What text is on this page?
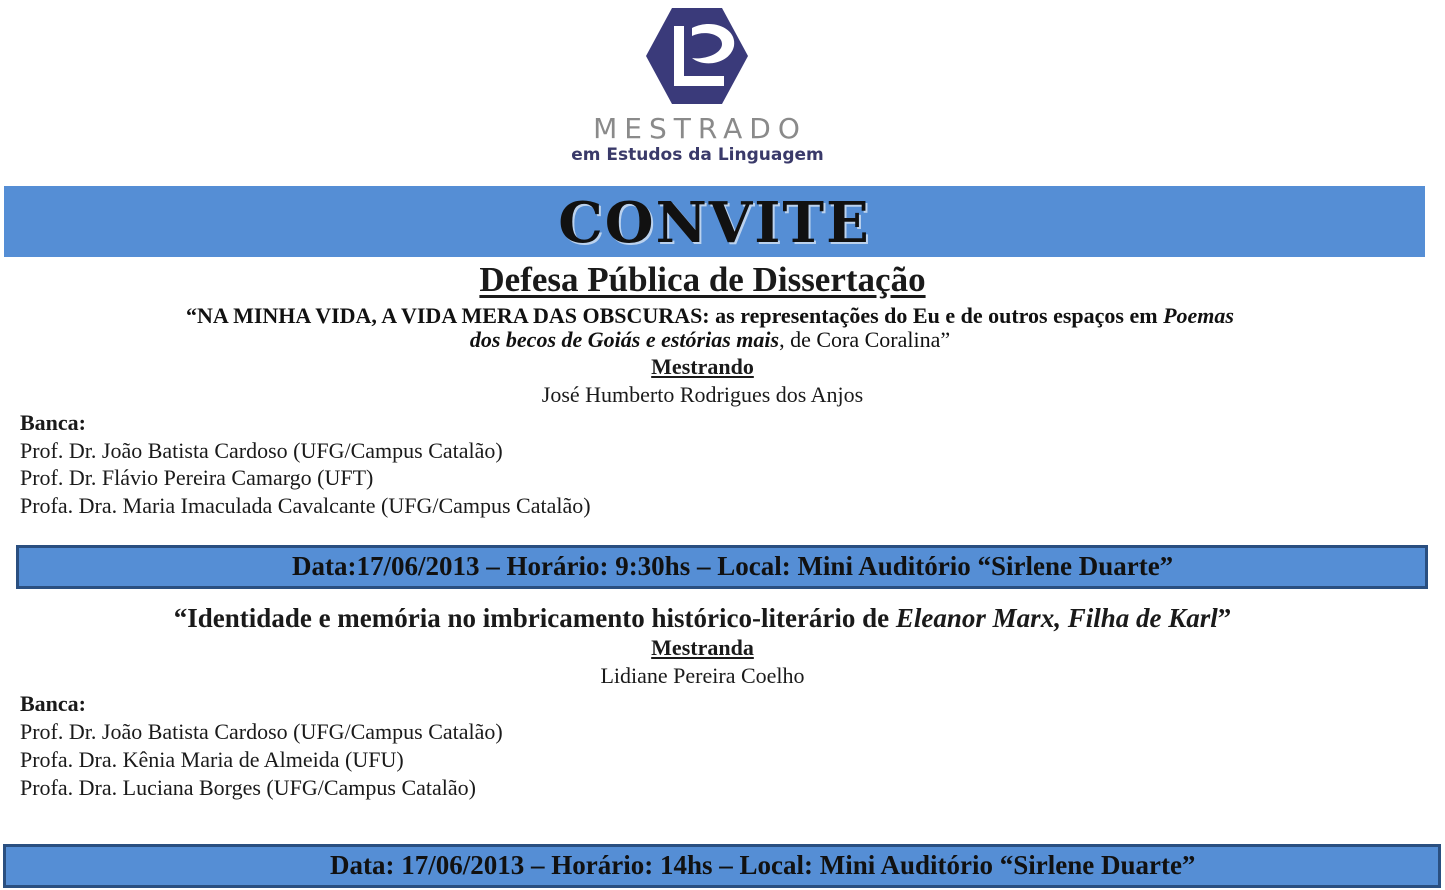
MESTRADO
em Estudos da Linguagem
CONVITE
Defesa Pública de Dissertação
“NA MINHA VIDA, A VIDA MERA DAS OBSCURAS: as representações do Eu e de outros espaços em Poemas
dos becos de Goiás e estórias mais, de Cora Coralina”
Mestrando
José Humberto Rodrigues dos Anjos
Banca:
Prof. Dr. João Batista Cardoso (UFG/Campus Catalão)
Prof. Dr. Flávio Pereira Camargo (UFT)
Profa. Dra. Maria Imaculada Cavalcante (UFG/Campus Catalão)
Data:17/06/2013 – Horário: 9:30hs – Local: Mini Auditório “Sirlene Duarte”
“Identidade e memória no imbricamento histórico-literário de Eleanor Marx, Filha de Karl”
Mestranda
Lidiane Pereira Coelho
Banca:
Prof. Dr. João Batista Cardoso (UFG/Campus Catalão)
Profa. Dra. Kênia Maria de Almeida (UFU)
Profa. Dra. Luciana Borges (UFG/Campus Catalão)
Data: 17/06/2013 – Horário: 14hs – Local: Mini Auditório “Sirlene Duarte”
